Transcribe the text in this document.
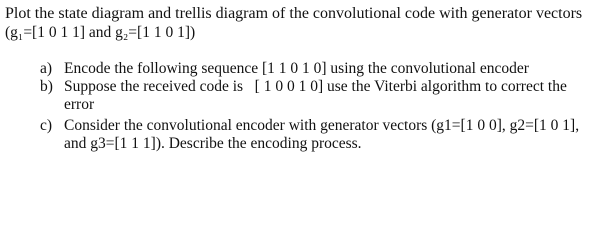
Plot the state diagram and trellis diagram of the convolutional code with generator vectors
(g₁=[1 0 1 1] and g₂=[1 1 0 1])
a) Encode the following sequence [1 1 0 1 0] using the convolutional encoder
b) Suppose the received code is   [ 1 0 0 1 0] use the Viterbi algorithm to correct the
error
c) Consider the convolutional encoder with generator vectors (g1=[1 0 0], g2=[1 0 1],
and g3=[1 1 1]). Describe the encoding process.
